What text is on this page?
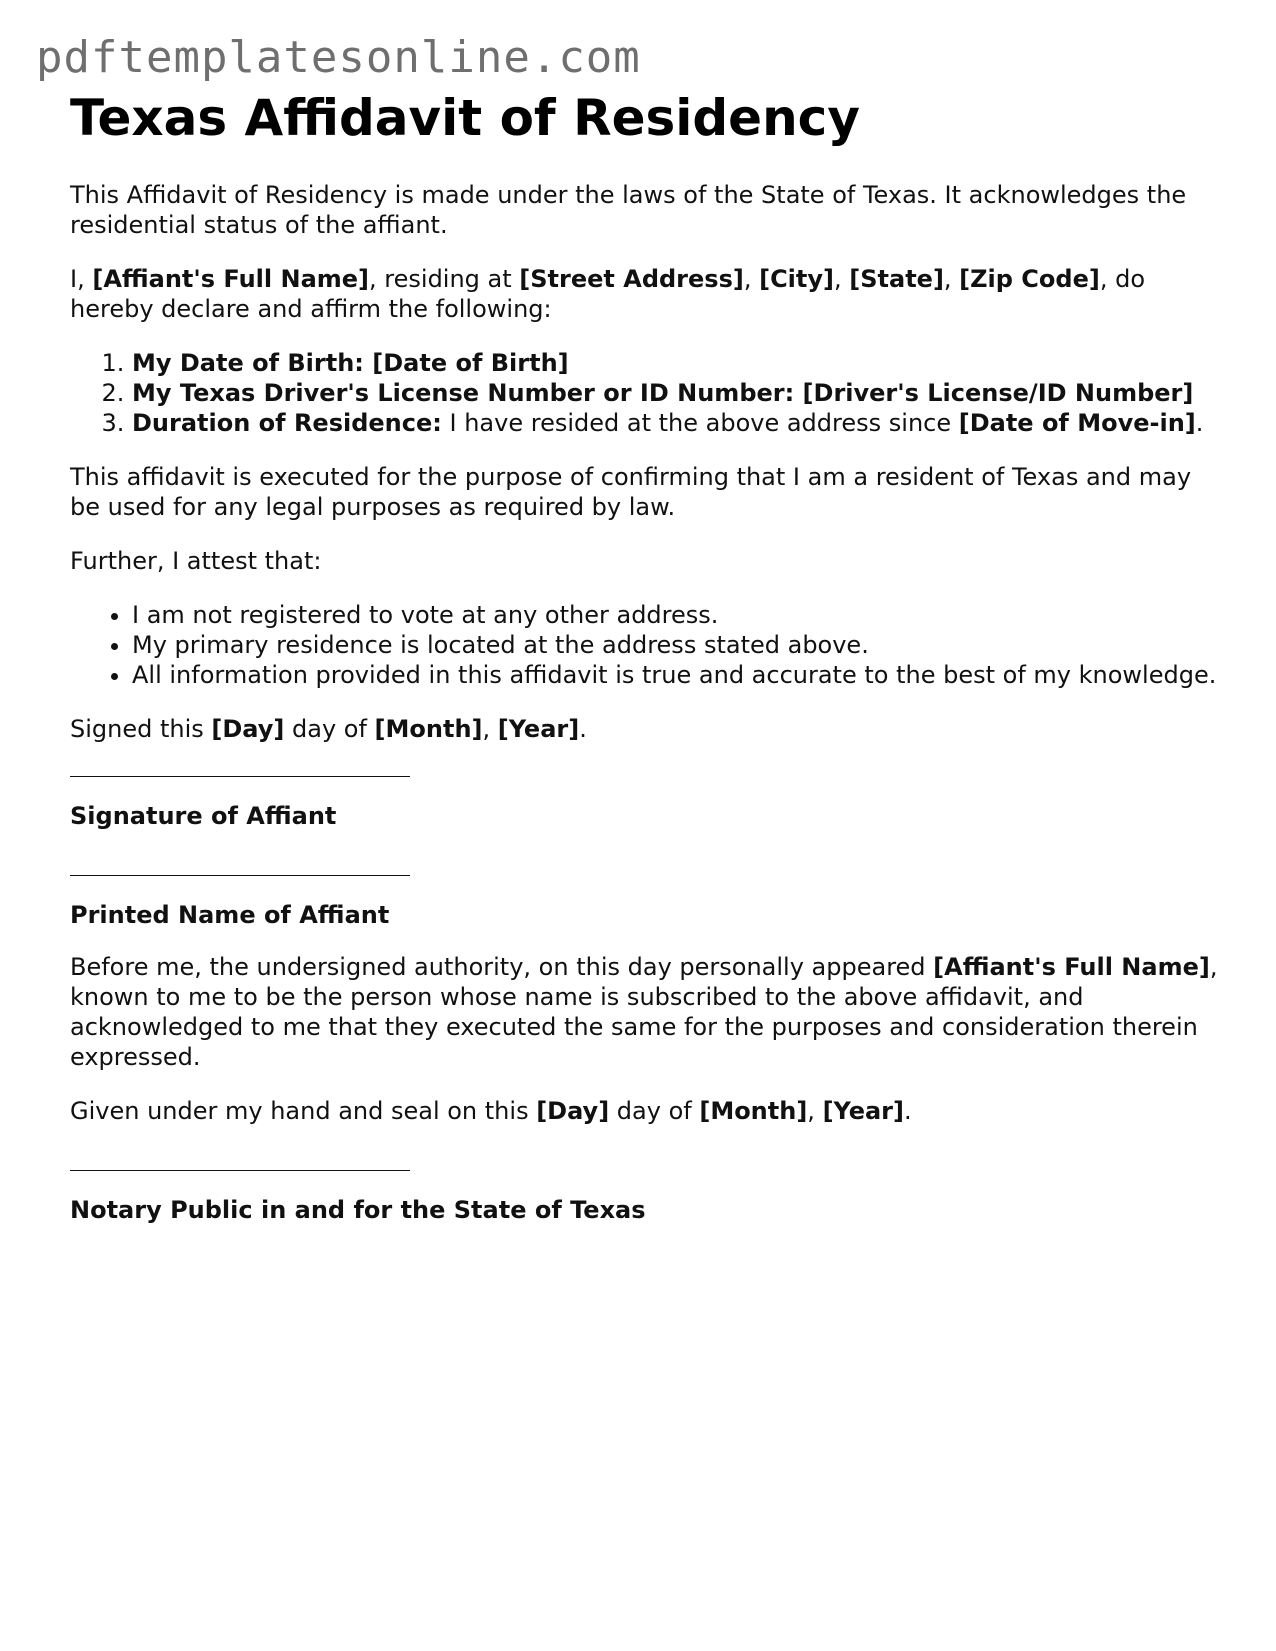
pdftemplatesonline.com
Texas Affidavit of Residency

This Affidavit of Residency is made under the laws of the State of Texas. It acknowledges the residential status of the affiant.

I, [Affiant's Full Name], residing at [Street Address], [City], [State], [Zip Code], do hereby declare and affirm the following:

1. My Date of Birth: [Date of Birth]
2. My Texas Driver's License Number or ID Number: [Driver's License/ID Number]
3. Duration of Residence: I have resided at the above address since [Date of Move-in].

This affidavit is executed for the purpose of confirming that I am a resident of Texas and may be used for any legal purposes as required by law.

Further, I attest that:

• I am not registered to vote at any other address.
• My primary residence is located at the address stated above.
• All information provided in this affidavit is true and accurate to the best of my knowledge.

Signed this [Day] day of [Month], [Year].

Signature of Affiant
Printed Name of Affiant

Before me, the undersigned authority, on this day personally appeared [Affiant's Full Name], known to me to be the person whose name is subscribed to the above affidavit, and acknowledged to me that they executed the same for the purposes and consideration therein expressed.

Given under my hand and seal on this [Day] day of [Month], [Year].

Notary Public in and for the State of Texas
